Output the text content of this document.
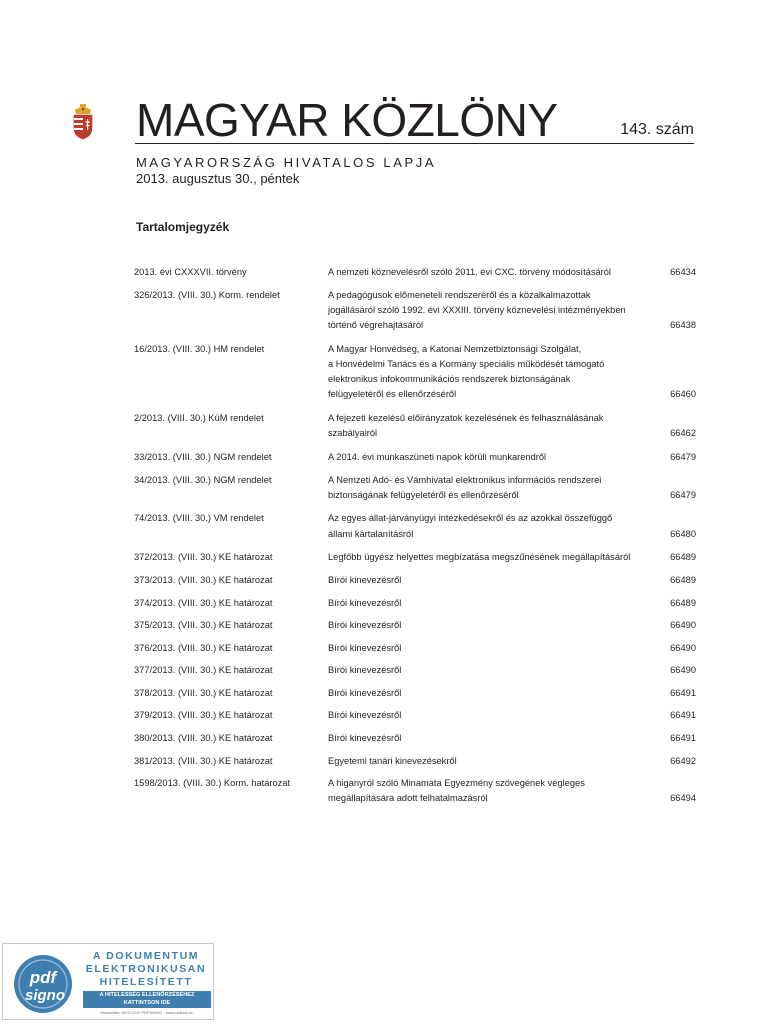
MAGYAR KÖZLÖNY	143. szám
MAGYARORSZÁG HIVATALOS LAPJA
2013. augusztus 30., péntek
Tartalomjegyzék
2013. évi CXXXVII. törvény	A nemzeti köznevelésről szóló 2011. évi CXC. törvény módosításáról	66434
326/2013. (VIII. 30.) Korm. rendelet	A pedagógusok előmeneteli rendszeréről és a közalkalmazottak
jogállásáról szóló 1992. évi XXXIII. törvény köznevelési intézményekben
történő végrehajtásáról	66438
16/2013. (VIII. 30.) HM rendelet	A Magyar Honvédség, a Katonai Nemzetbiztonsági Szolgálat,
a Honvédelmi Tanács és a Kormány speciális működését támogató
elektronikus infokommunikációs rendszerek biztonságának
felügyeletéről és ellenőrzéséről	66460
2/2013. (VIII. 30.) KüM rendelet	A fejezeti kezelésű előirányzatok kezelésének és felhasználásának
szabályairól	66462
33/2013. (VIII. 30.) NGM rendelet	A 2014. évi munkaszüneti napok körüli munkarendről	66479
34/2013. (VIII. 30.) NGM rendelet	A Nemzeti Adó- és Vámhivatal elektronikus információs rendszerei
biztonságának felügyeletéről és ellenőrzéséről	66479
74/2013. (VIII. 30.) VM rendelet	Az egyes állat-járványügyi intézkedésekről és az azokkal összefüggő
állami kártalanításról	66480
372/2013. (VIII. 30.) KE határozat	Legfőbb ügyész helyettes megbízatása megszűnésének megállapításáról	66489
373/2013. (VIII. 30.) KE határozat	Bírói kinevezésről	66489
374/2013. (VIII. 30.) KE határozat	Bírói kinevezésről	66489
375/2013. (VIII. 30.) KE határozat	Bírói kinevezésről	66490
376/2013. (VIII. 30.) KE határozat	Bírói kinevezésről	66490
377/2013. (VIII. 30.) KE határozat	Bírói kinevezésről	66490
378/2013. (VIII. 30.) KE határozat	Bírói kinevezésről	66491
379/2013. (VIII. 30.) KE határozat	Bírói kinevezésről	66491
380/2013. (VIII. 30.) KE határozat	Bírói kinevezésről	66491
381/2013. (VIII. 30.) KE határozat	Egyetemi tanári kinevezésekről	66492
1598/2013. (VIII. 30.) Korm. határozat	A higanyról szóló Minamata Egyezmény szövegének végleges
megállapítására adott felhatalmazásról	66494
pdf
signo
A DOKUMENTUM
ELEKTRONIKUSAN
HITELESÍTETT
A HITELESSÉG ELLENŐRZÉSÉHEZ KATTINTSON IDE
Hitelesítés: NETLOCK PDFSIGNO · www.netlock.hu
